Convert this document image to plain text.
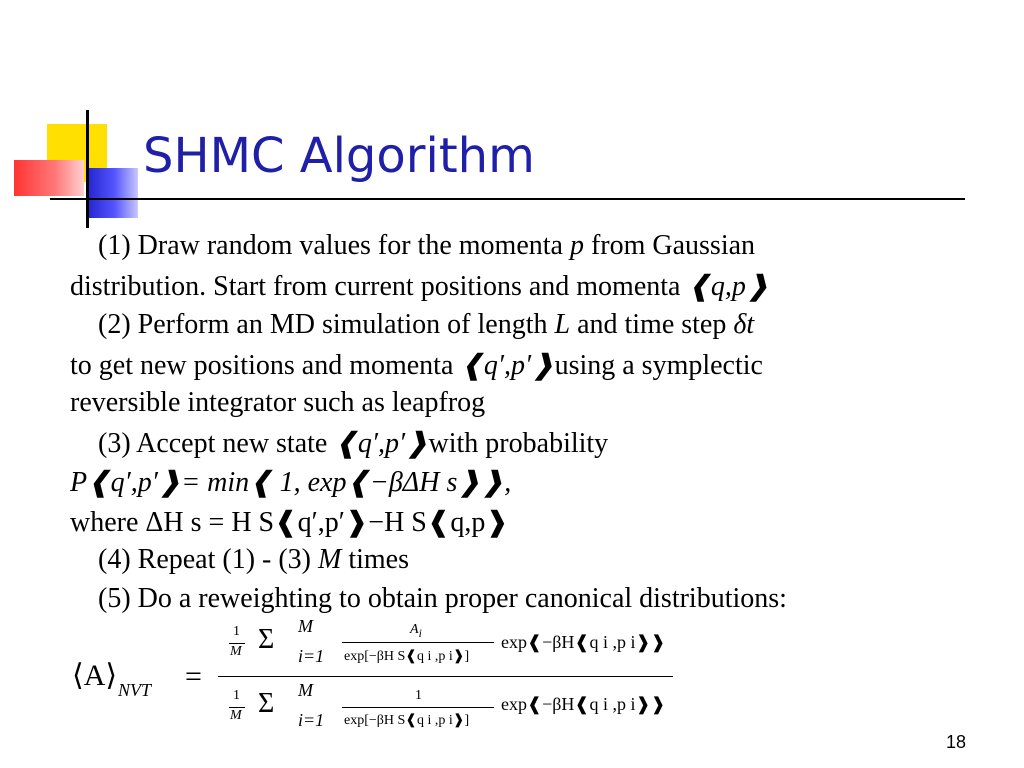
SHMC Algorithm
(1) Draw random values for the momenta p from Gaussian
distribution. Start from current positions and momenta ❰q,p❱
(2) Perform an MD simulation of length L and time step δt
to get new positions and momenta ❰q′,p′❱using a symplectic
reversible integrator such as leapfrog
(3) Accept new state ❰q′,p′❱with probability
P❰q′,p′❱= min❰ 1, exp❰−βΔH s❱❱,
where ΔH s = H S❰q′,p′❱−H S❰q,p❱
(4) Repeat (1) - (3) M times
(5) Do a reweighting to obtain proper canonical distributions:
⟨A⟩ NVT =
1
M Σ M
i=1
$A_i$
exp[−βH S❰q i ,p i❱]
exp❰−βH❰q i ,p i❱❱
1
M Σ M
i=1
1
exp[−βH S❰q i ,p i❱]
exp❰−βH❰q i ,p i❱❱
18
